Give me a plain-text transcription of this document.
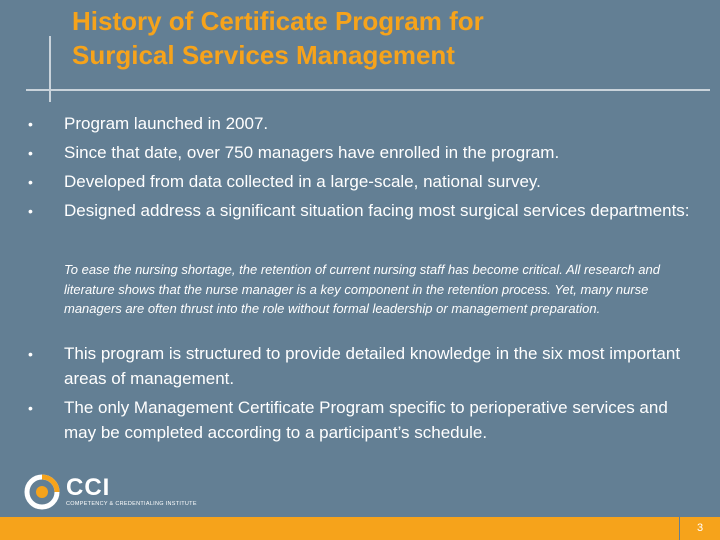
History of Certificate Program for
Surgical Services Management
• Program launched in 2007.
• Since that date, over 750 managers have enrolled in the program.
• Developed from data collected in a large-scale, national survey.
• Designed address a significant situation facing most surgical services departments:

To ease the nursing shortage, the retention of current nursing staff has become critical. All research and literature shows that the nurse manager is a key component in the retention process. Yet, many nurse managers are often thrust into the role without formal leadership or management preparation.

• This program is structured to provide detailed knowledge in the six most important areas of management.
• The only Management Certificate Program specific to perioperative services and may be completed according to a participant’s schedule.
CCI
COMPETENCY & CREDENTIALING INSTITUTE
3
